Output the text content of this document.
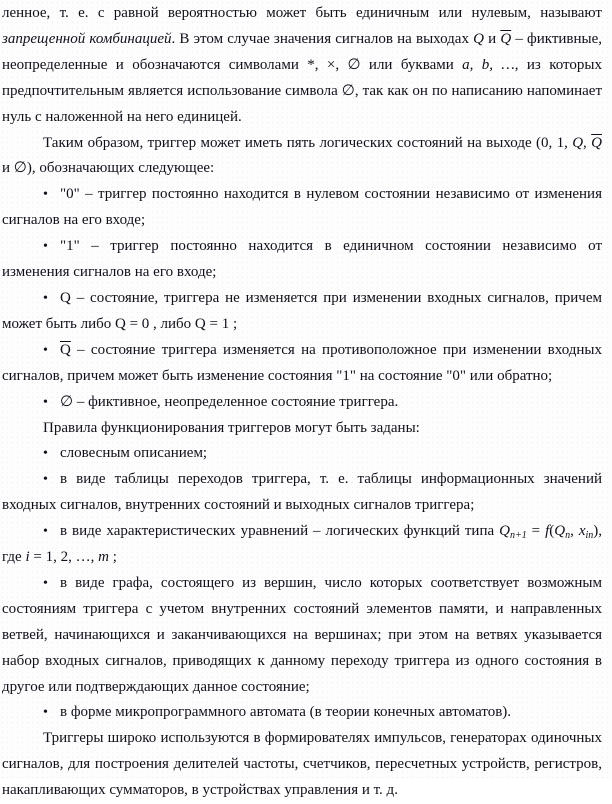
ленное, т. е. с равной вероятностью может быть единичным или нулевым, называют запрещенной комбинацией. В этом случае значения сигналов на выходах Q и $\overline{Q}$ – фиктивные, неопределенные и обозначаются символами *, ×, ∅ или буквами a, b, …, из которых предпочтительным является использование символа ∅, так как он по написанию напоминает нуль с наложенной на него единицей.
Таким образом, триггер может иметь пять логических состояний на выходе (0, 1, Q, $\overline{Q}$ и ∅), обозначающих следующее:
• "0" – триггер постоянно находится в нулевом состоянии независимо от изменения сигналов на его входе;
• "1" – триггер постоянно находится в единичном состоянии независимо от изменения сигналов на его входе;
• Q – состояние, триггера не изменяется при изменении входных сигналов, причем может быть либо Q = 0 , либо Q = 1 ;
• $\overline{Q}$ – состояние триггера изменяется на противоположное при изменении входных сигналов, причем может быть изменение состояния "1" на состояние "0" или обратно;
• ∅ – фиктивное, неопределенное состояние триггера.
Правила функционирования триггеров могут быть заданы:
• словесным описанием;
• в виде таблицы переходов триггера, т. е. таблицы информационных значений входных сигналов, внутренних состояний и выходных сигналов триггера;
• в виде характеристических уравнений – логических функций типа $Q_{n+1} = f(Q_n$, $x_{in}$), где i = 1, 2, …, m ;
• в виде графа, состоящего из вершин, число которых соответствует возможным состояниям триггера с учетом внутренних состояний элементов памяти, и направленных ветвей, начинающихся и заканчивающихся на вершинах; при этом на ветвях указывается набор входных сигналов, приводящих к данному переходу триггера из одного состояния в другое или подтверждающих данное состояние;
• в форме микропрограммного автомата (в теории конечных автоматов).
Триггеры широко используются в формирователях импульсов, генераторах одиночных сигналов, для построения делителей частоты, счетчиков, пересчетных устройств, регистров, накапливающих сумматоров, в устройствах управления и т. д.
